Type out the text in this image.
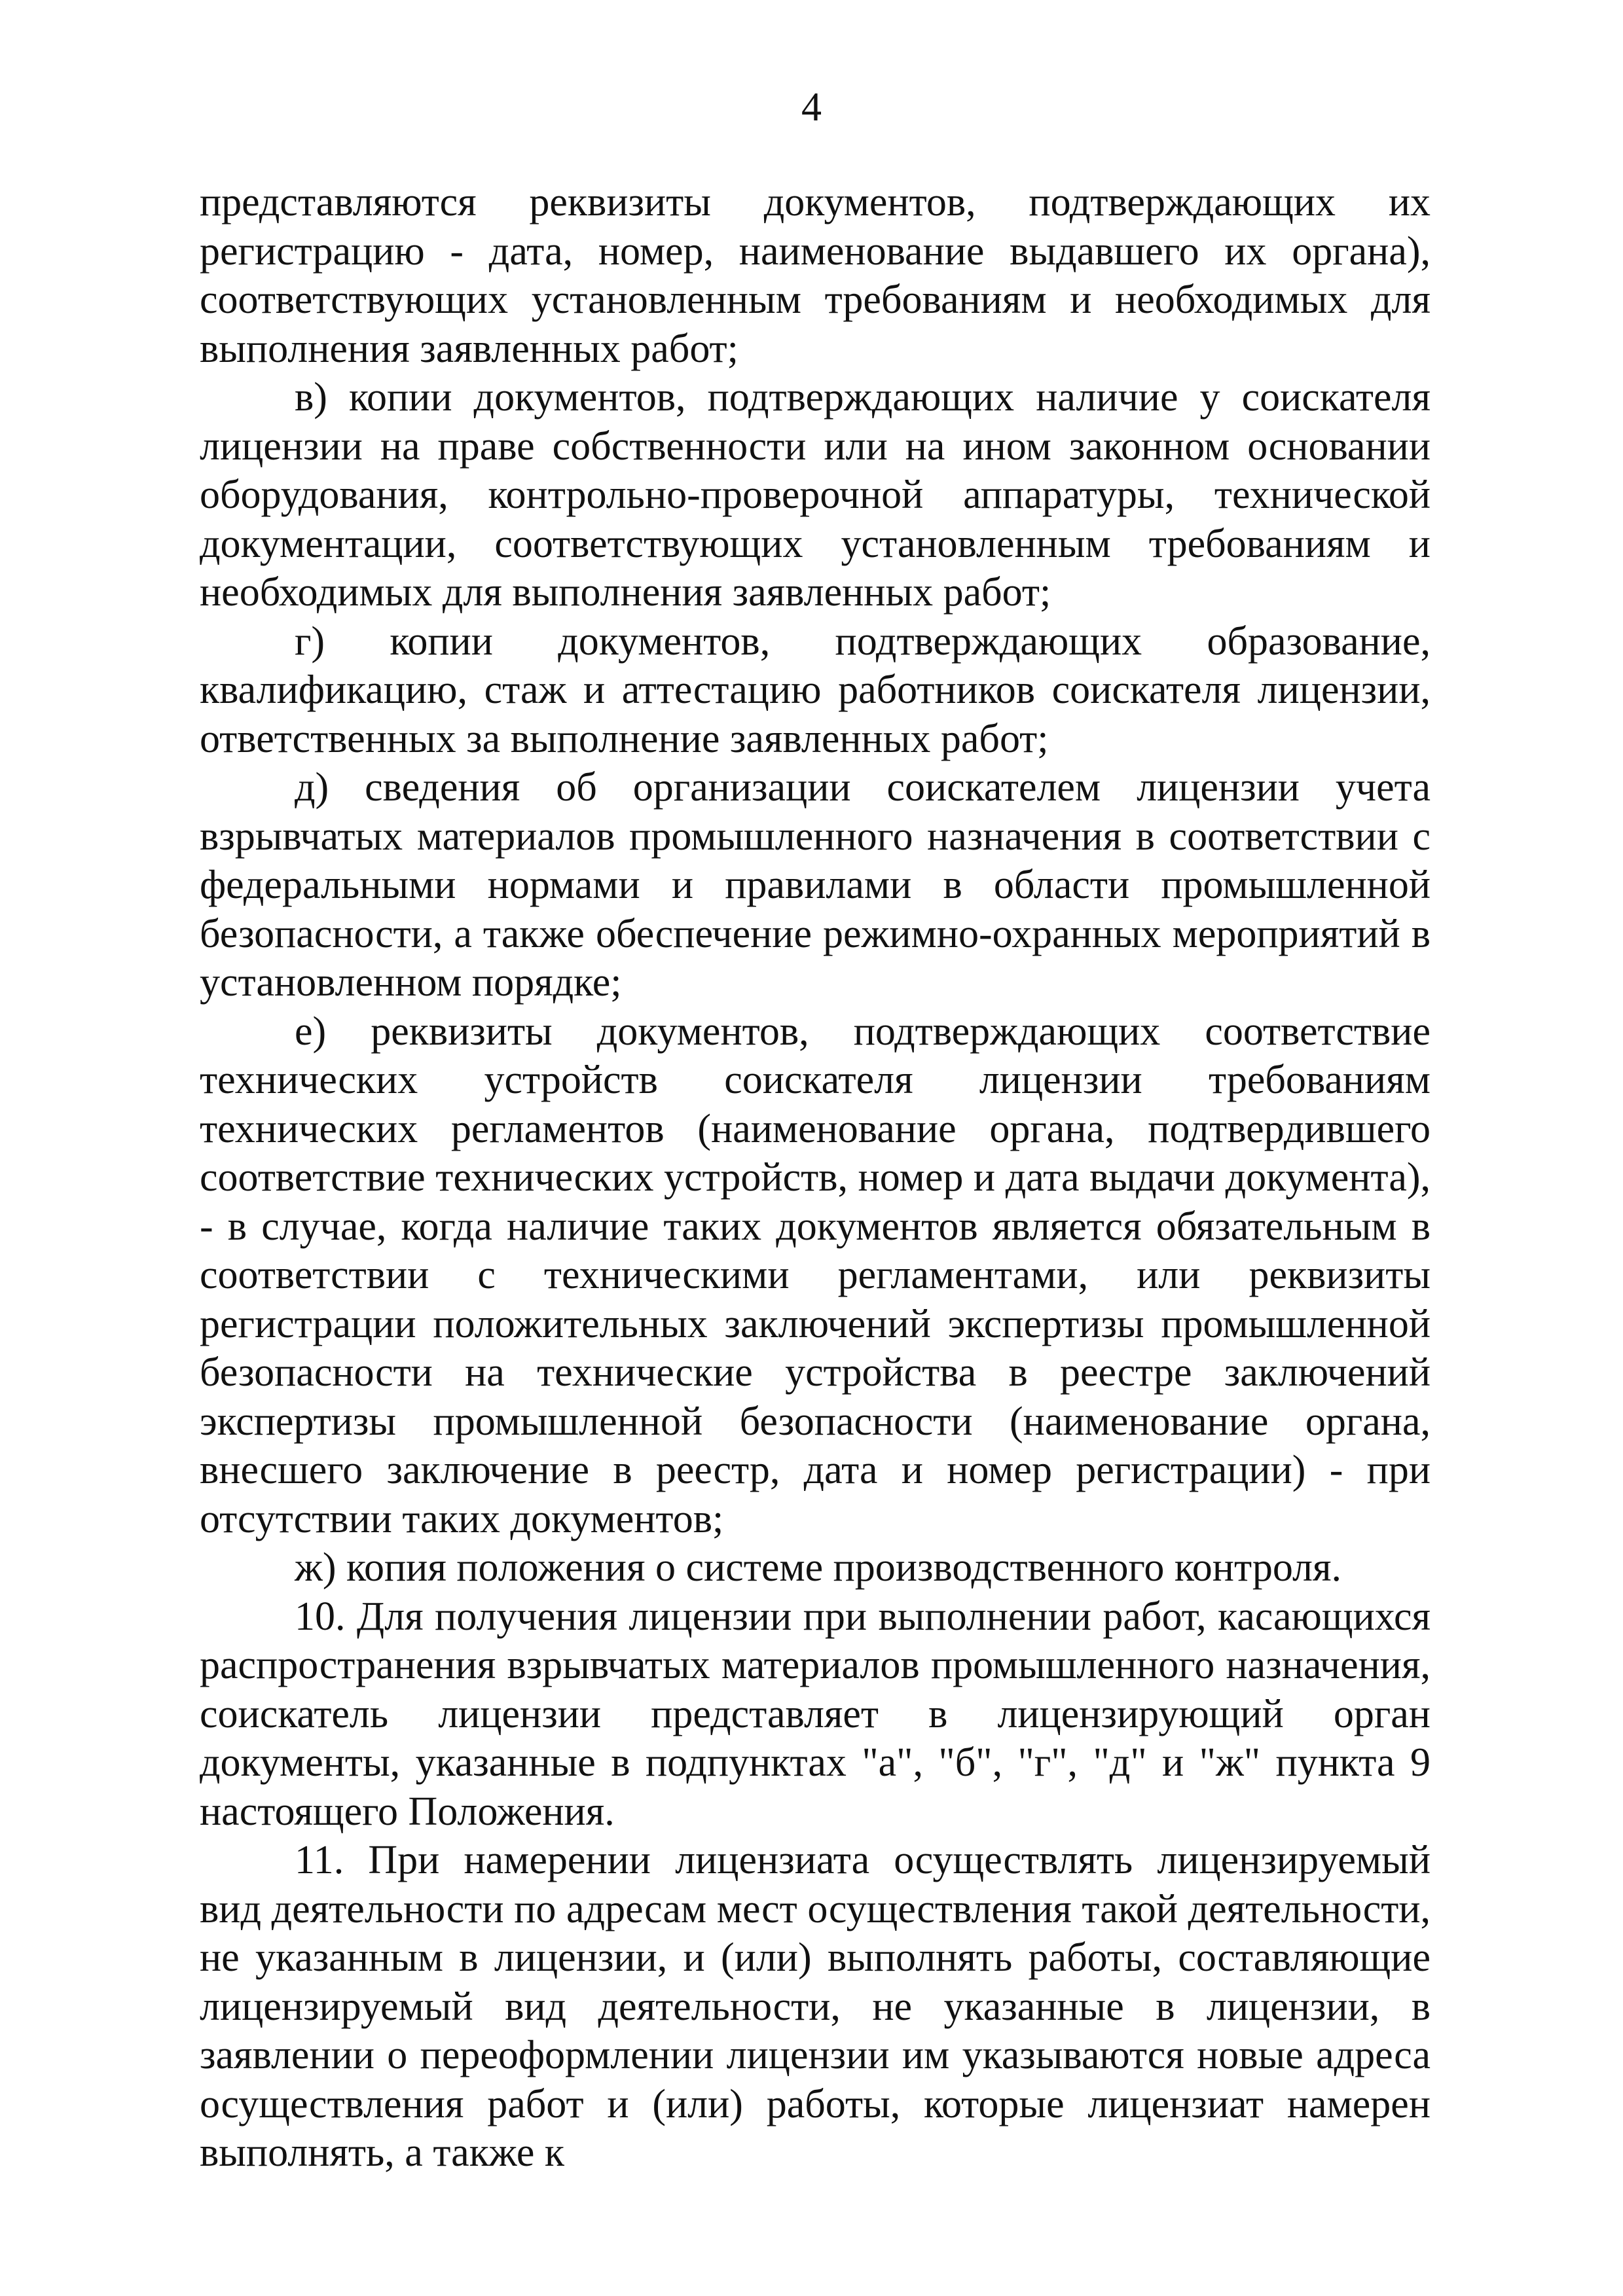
4

представляются реквизиты документов, подтверждающих их регистрацию - дата, номер, наименование выдавшего их органа), соответствующих установленным требованиям и необходимых для выполнения заявленных работ;

в) копии документов, подтверждающих наличие у соискателя лицензии на праве собственности или на ином законном основании оборудования, контрольно-проверочной аппаратуры, технической документации, соответствующих установленным требованиям и необходимых для выполнения заявленных работ;

г) копии документов, подтверждающих образование, квалификацию, стаж и аттестацию работников соискателя лицензии, ответственных за выполнение заявленных работ;

д) сведения об организации соискателем лицензии учета взрывчатых материалов промышленного назначения в соответствии с федеральными нормами и правилами в области промышленной безопасности, а также обеспечение режимно-охранных мероприятий в установленном порядке;

е) реквизиты документов, подтверждающих соответствие технических устройств соискателя лицензии требованиям технических регламентов (наименование органа, подтвердившего соответствие технических устройств, номер и дата выдачи документа), - в случае, когда наличие таких документов является обязательным в соответствии с техническими регламентами, или реквизиты регистрации положительных заключений экспертизы промышленной безопасности на технические устройства в реестре заключений экспертизы промышленной безопасности (наименование органа, внесшего заключение в реестр, дата и номер регистрации) - при отсутствии таких документов;

ж) копия положения о системе производственного контроля.

10. Для получения лицензии при выполнении работ, касающихся распространения взрывчатых материалов промышленного назначения, соискатель лицензии представляет в лицензирующий орган документы, указанные в подпунктах "а", "б", "г", "д" и "ж" пункта 9 настоящего Положения.

11. При намерении лицензиата осуществлять лицензируемый вид деятельности по адресам мест осуществления такой деятельности, не указанным в лицензии, и (или) выполнять работы, составляющие лицензируемый вид деятельности, не указанные в лицензии, в заявлении о переоформлении лицензии им указываются новые адреса осуществления работ и (или) работы, которые лицензиат намерен выполнять, а также к
